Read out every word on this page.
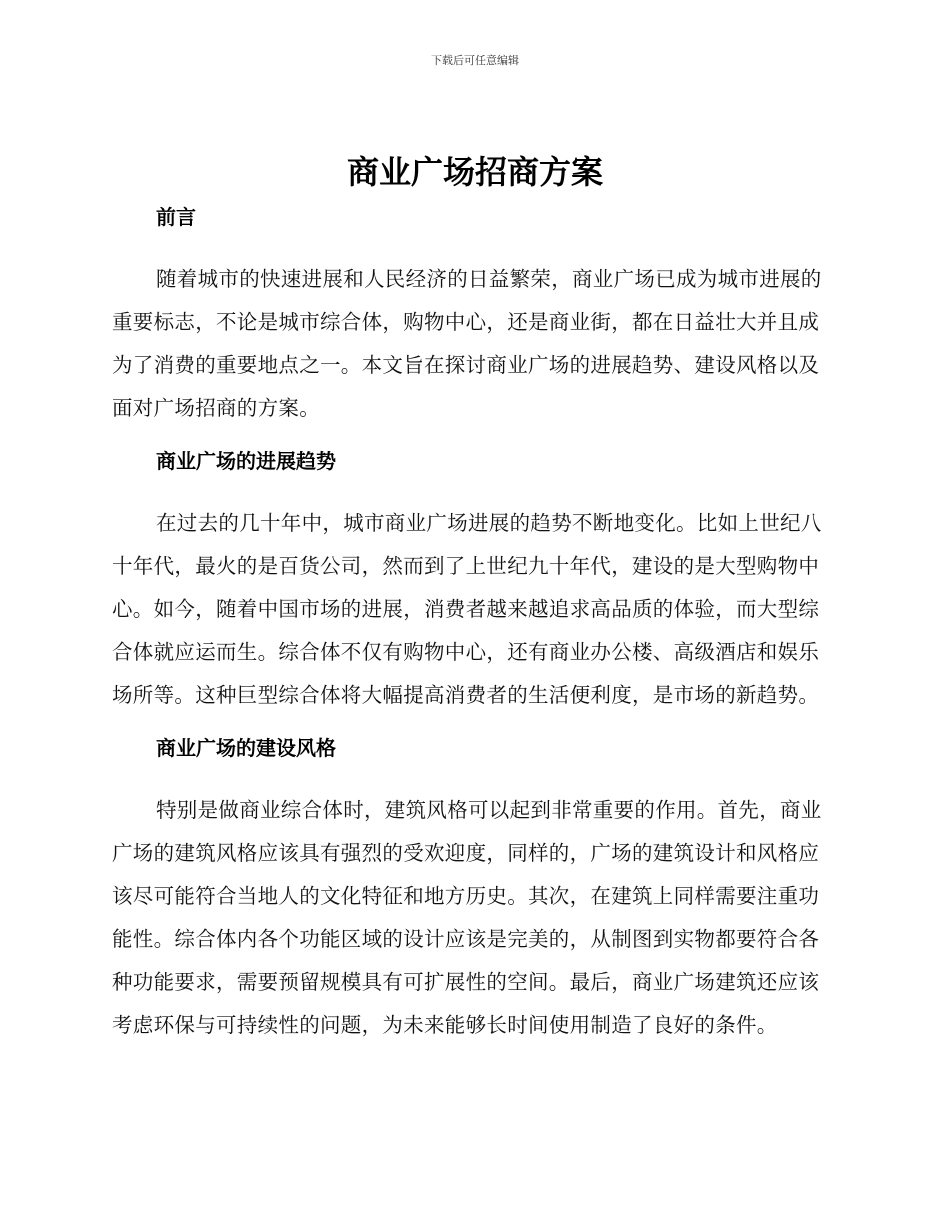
下载后可任意编辑
商业广场招商方案
前言

随着城市的快速进展和人民经济的日益繁荣，商业广场已成为城市进展的重要标志，不论是城市综合体，购物中心，还是商业街，都在日益壮大并且成为了消费的重要地点之一。本文旨在探讨商业广场的进展趋势、建设风格以及面对广场招商的方案。

商业广场的进展趋势

在过去的几十年中，城市商业广场进展的趋势不断地变化。比如上世纪八十年代，最火的是百货公司，然而到了上世纪九十年代，建设的是大型购物中心。如今，随着中国市场的进展，消费者越来越追求高品质的体验，而大型综合体就应运而生。综合体不仅有购物中心，还有商业办公楼、高级酒店和娱乐场所等。这种巨型综合体将大幅提高消费者的生活便利度，是市场的新趋势。

商业广场的建设风格

特别是做商业综合体时，建筑风格可以起到非常重要的作用。首先，商业广场的建筑风格应该具有强烈的受欢迎度，同样的，广场的建筑设计和风格应该尽可能符合当地人的文化特征和地方历史。其次，在建筑上同样需要注重功能性。综合体内各个功能区域的设计应该是完美的，从制图到实物都要符合各种功能要求，需要预留规模具有可扩展性的空间。最后，商业广场建筑还应该考虑环保与可持续性的问题，为未来能够长时间使用制造了良好的条件。
